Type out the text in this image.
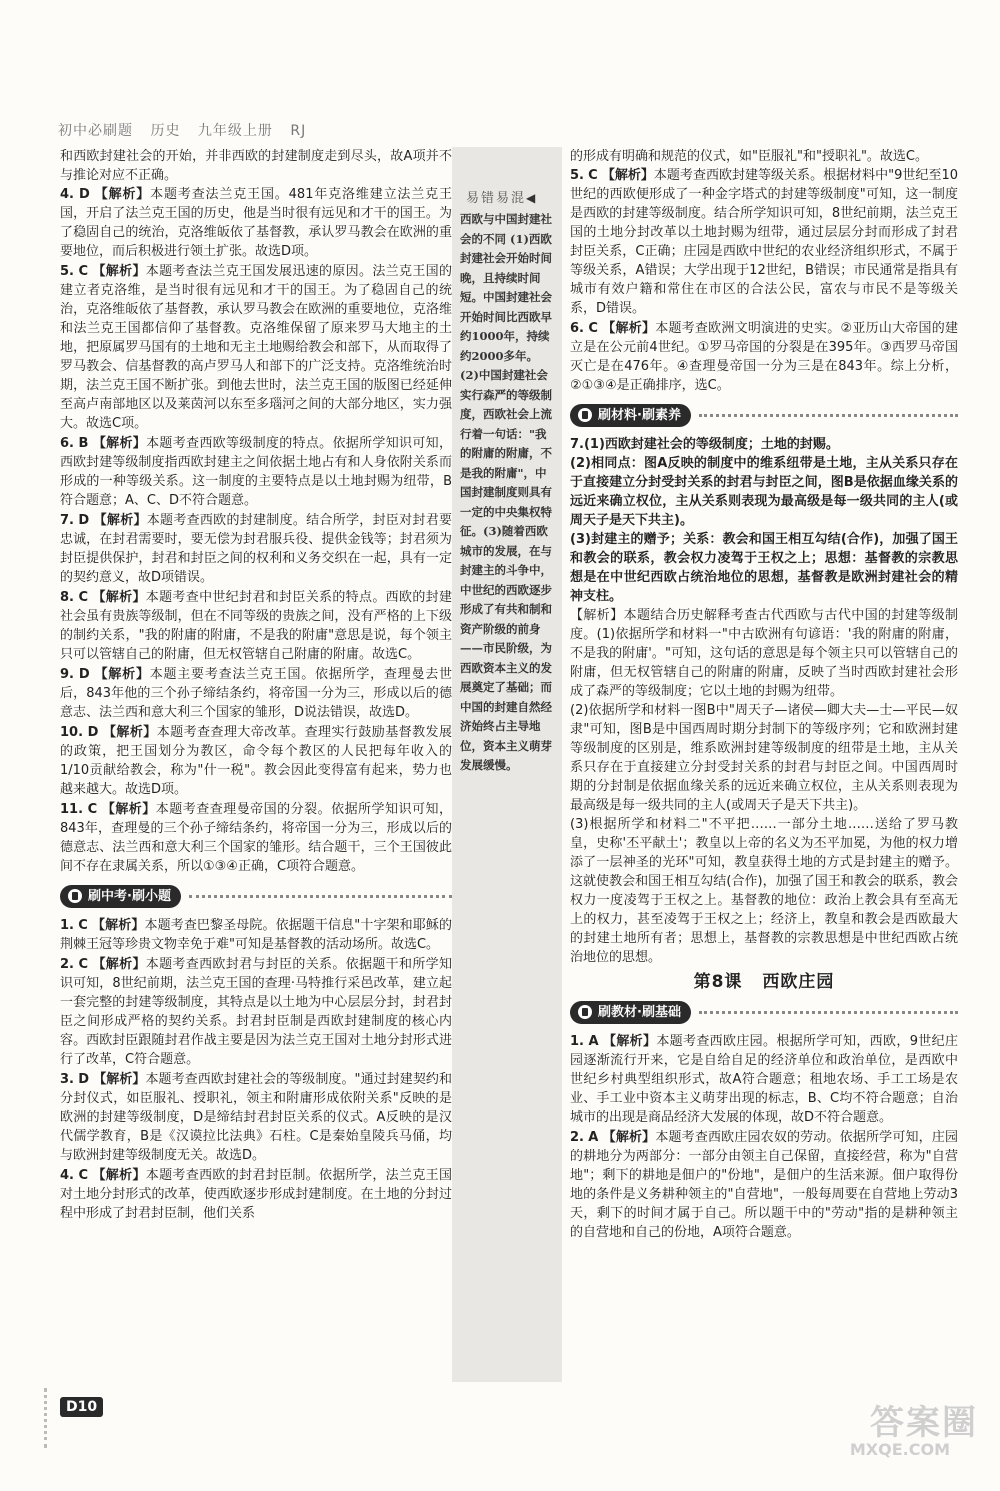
初中必刷题 历史 九年级上册 RJ

和西欧封建社会的开始，并非西欧的封建制度走到尽头，故A项并不与推论对应不正确。

4. D 【解析】本题考查法兰克王国。481年克洛维建立法兰克王国，开启了法兰克王国的历史，他是当时很有远见和才干的国王。为了稳固自己的统治，克洛维皈依了基督教，承认罗马教会在欧洲的重要地位，而后积极进行领土扩张。故选D项。
5. C 【解析】本题考查法兰克王国发展迅速的原因。法兰克王国的建立者克洛维，是当时很有远见和才干的国王。为了稳固自己的统治，克洛维皈依了基督教，承认罗马教会在欧洲的重要地位，克洛维和法兰克王国都信仰了基督教。克洛维保留了原来罗马大地主的土地，把原属罗马国有的土地和无主土地赐给教会和部下，从而取得了罗马教会、信基督教的高卢罗马人和部下的广泛支持。克洛维统治时期，法兰克王国不断扩张。到他去世时，法兰克王国的版图已经延伸至高卢南部地区以及莱茵河以东至多瑙河之间的大部分地区，实力强大。故选C项。
6. B 【解析】本题考查西欧等级制度的特点。依据所学知识可知，西欧封建等级制度指西欧封建主之间依据土地占有和人身依附关系而形成的一种等级关系。这一制度的主要特点是以土地封赐为纽带，B符合题意；A、C、D不符合题意。
7. D 【解析】本题考查西欧的封建制度。结合所学，封臣对封君要忠诚，在封君需要时，要无偿为封君服兵役、提供金钱等；封君须为封臣提供保护，封君和封臣之间的权利和义务交织在一起，具有一定的契约意义，故D项错误。
8. C 【解析】本题考查中世纪封君和封臣关系的特点。西欧的封建社会虽有贵族等级制，但在不同等级的贵族之间，没有严格的上下级的制约关系，"我的附庸的附庸，不是我的附庸"意思是说，每个领主只可以管辖自己的附庸，但无权管辖自己附庸的附庸。故选C。
9. D 【解析】本题主要考查法兰克王国。依据所学，查理曼去世后，843年他的三个孙子缔结条约，将帝国一分为三，形成以后的德意志、法兰西和意大利三个国家的雏形，D说法错误，故选D。
10. D 【解析】本题考查查理大帝改革。查理实行鼓励基督教发展的政策，把王国划分为教区，命令每个教区的人民把每年收入的1/10贡献给教会，称为"什一税"。教会因此变得富有起来，势力也越来越大。故选D项。
11. C 【解析】本题考查查理曼帝国的分裂。依据所学知识可知，843年，查理曼的三个孙子缔结条约，将帝国一分为三，形成以后的德意志、法兰西和意大利三个国家的雏形。结合题干，三个王国彼此间不存在隶属关系，所以①③④正确，C项符合题意。
刷中考·刷小题
1. C 【解析】本题考查巴黎圣母院。依据题干信息"十字架和耶稣的荆棘王冠等珍贵文物幸免于难"可知是基督教的活动场所。故选C。
2. C 【解析】本题考查西欧封君与封臣的关系。依据题干和所学知识可知，8世纪前期，法兰克王国的查理·马特推行采邑改革，建立起一套完整的封建等级制度，其特点是以土地为中心层层分封，封君封臣之间形成严格的契约关系。封君封臣制是西欧封建制度的核心内容。西欧封臣跟随封君作战主要是因为法兰克王国对土地分封形式进行了改革，C符合题意。
3. D 【解析】本题考查西欧封建社会的等级制度。"通过封建契约和分封仪式，如臣服礼、授职礼，领主和附庸形成依附关系"反映的是欧洲的封建等级制度，D是缔结封君封臣关系的仪式。A反映的是汉代儒学教育，B是《汉谟拉比法典》石柱。C是秦始皇陵兵马俑，均与欧洲封建等级制度无关。故选D。
4. C 【解析】本题考查西欧的封君封臣制。依据所学，法兰克王国对土地分封形式的改革，使西欧逐步形成封建制度。在土地的分封过程中形成了封君封臣制，他们关系
易错易混◀
西欧与中国封建社会的不同 (1)西欧封建社会开始时间晚，且持续时间短。中国封建社会开始时间比西欧早约1000年，持续约2000多年。(2)中国封建社会实行森严的等级制度，西欧社会上流行着一句话："我的附庸的附庸，不是我的附庸"，中国封建制度则具有一定的中央集权特征。(3)随着西欧城市的发展，在与封建主的斗争中，中世纪的西欧逐步形成了有共和制和资产阶级的前身——市民阶级，为西欧资本主义的发展奠定了基础；而中国的封建自然经济始终占主导地位，资本主义萌芽发展缓慢。

的形成有明确和规范的仪式，如"臣服礼"和"授职礼"。故选C。

5. C 【解析】本题考查西欧封建等级关系。根据材料中"9世纪至10世纪的西欧便形成了一种金字塔式的封建等级制度"可知，这一制度是西欧的封建等级制度。结合所学知识可知，8世纪前期，法兰克王国的土地分封改革以土地封赐为纽带，通过层层分封而形成了封君封臣关系，C正确；庄园是西欧中世纪的农业经济组织形式，不属于等级关系，A错误；大学出现于12世纪，B错误；市民通常是指具有城市有效户籍和常住在市区的合法公民，富农与市民不是等级关系，D错误。
6. C 【解析】本题考查欧洲文明演进的史实。②亚历山大帝国的建立是在公元前4世纪。①罗马帝国的分裂是在395年。③西罗马帝国灭亡是在476年。④查理曼帝国一分为三是在843年。综上分析，②①③④是正确排序，选C。
刷材料·刷素养
7.(1)西欧封建社会的等级制度；土地的封赐。
(2)相同点：图A反映的制度中的维系纽带是土地，主从关系只存在于直接建立分封受封关系的封君与封臣之间，图B是依据血缘关系的远近来确立权位，主从关系则表现为最高级是每一级共同的主人(或周天子是天下共主)。
(3)封建主的赠予；关系：教会和国王相互勾结(合作)，加强了国王和教会的联系，教会权力凌驾于王权之上；思想：基督教的宗教思想是在中世纪西欧占统治地位的思想，基督教是欧洲封建社会的精神支柱。
【解析】本题结合历史解释考查古代西欧与古代中国的封建等级制度。(1)依据所学和材料一"中古欧洲有句谚语：'我的附庸的附庸，不是我的附庸'。"可知，这句话的意思是每个领主只可以管辖自己的附庸，但无权管辖自己的附庸的附庸，反映了当时西欧封建社会形成了森严的等级制度；它以土地的封赐为纽带。
(2)依据所学和材料一图B中"周天子—诸侯—卿大夫—士—平民—奴隶"可知，图B是中国西周时期分封制下的等级序列；它和欧洲封建等级制度的区别是，维系欧洲封建等级制度的纽带是土地，主从关系只存在于直接建立分封受封关系的封君与封臣之间。中国西周时期的分封制是依据血缘关系的远近来确立权位，主从关系则表现为最高级是每一级共同的主人(或周天子是天下共主)。
(3)根据所学和材料二"不平把……一部分土地……送给了罗马教皇，史称'丕平献土'；教皇以上帝的名义为丕平加冕，为他的权力增添了一层神圣的光环"可知，教皇获得土地的方式是封建主的赠予。这就使教会和国王相互勾结(合作)，加强了国王和教会的联系，教会权力一度凌驾于王权之上。基督教的地位：政治上教会具有至高无上的权力，甚至凌驾于王权之上；经济上，教皇和教会是西欧最大的封建土地所有者；思想上，基督教的宗教思想是中世纪西欧占统治地位的思想。
第8课 西欧庄园
刷教材·刷基础
1. A 【解析】本题考查西欧庄园。根据所学可知，西欧，9世纪庄园逐渐流行开来，它是自给自足的经济单位和政治单位，是西欧中世纪乡村典型组织形式，故A符合题意；租地农场、手工工场是农业、手工业中资本主义萌芽出现的标志，B、C均不符合题意；自治城市的出现是商品经济大发展的体现，故D不符合题意。
2. A 【解析】本题考查西欧庄园农奴的劳动。依据所学可知，庄园的耕地分为两部分：一部分由领主自己保留，直接经营，称为"自营地"；剩下的耕地是佃户的"份地"，是佃户的生活来源。佃户取得份地的条件是义务耕种领主的"自营地"，一般每周要在自营地上劳动3天，剩下的时间才属于自己。所以题干中的"劳动"指的是耕种领主的自营地和自己的份地，A项符合题意。
D10	答案圈
MXQE.COM
